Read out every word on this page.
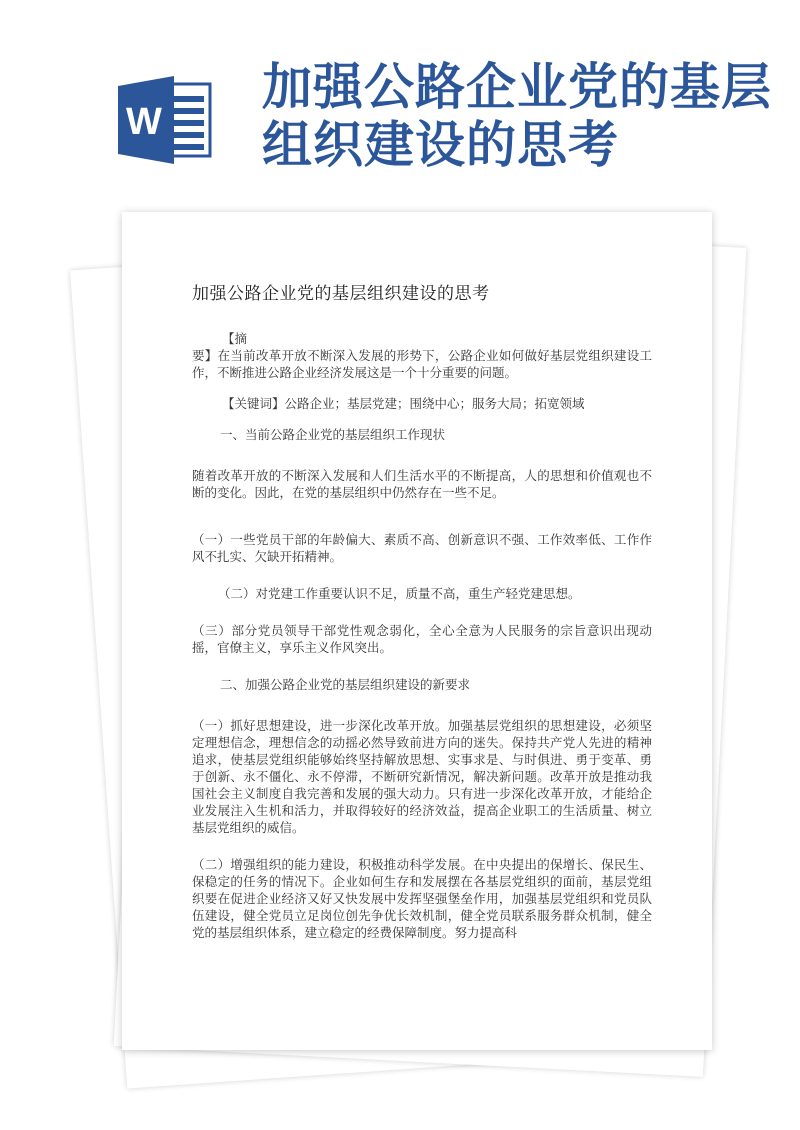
W
加强公路企业党的基层组织建设的思考
加强公路企业党的基层组织建设的思考

【摘
要】在当前改革开放不断深入发展的形势下，公路企业如何做好基层党组织建设工作，不断推进公路企业经济发展这是一个十分重要的问题。

【关键词】公路企业；基层党建；围绕中心；服务大局；拓宽领域

一、当前公路企业党的基层组织工作现状

随着改革开放的不断深入发展和人们生活水平的不断提高，人的思想和价值观也不断的变化。因此，在党的基层组织中仍然存在一些不足。

（一）一些党员干部的年龄偏大、素质不高、创新意识不强、工作效率低、工作作风不扎实、欠缺开拓精神。

（二）对党建工作重要认识不足，质量不高，重生产轻党建思想。

（三）部分党员领导干部党性观念弱化，全心全意为人民服务的宗旨意识出现动摇，官僚主义，享乐主义作风突出。

二、加强公路企业党的基层组织建设的新要求

（一）抓好思想建设，进一步深化改革开放。加强基层党组织的思想建设，必须坚定理想信念，理想信念的动摇必然导致前进方向的迷失。保持共产党人先进的精神追求，使基层党组织能够始终坚持解放思想、实事求是、与时俱进、勇于变革、勇于创新、永不僵化、永不停滞，不断研究新情况，解决新问题。改革开放是推动我国社会主义制度自我完善和发展的强大动力。只有进一步深化改革开放，才能给企业发展注入生机和活力，并取得较好的经济效益，提高企业职工的生活质量、树立基层党组织的威信。

（二）增强组织的能力建设，积极推动科学发展。在中央提出的保增长、保民生、保稳定的任务的情况下。企业如何生存和发展摆在各基层党组织的面前，基层党组织要在促进企业经济又好又快发展中发挥坚强堡垒作用，加强基层党组织和党员队伍建设，健全党员立足岗位创先争优长效机制，健全党员联系服务群众机制，健全党的基层组织体系，建立稳定的经费保障制度。努力提高科
